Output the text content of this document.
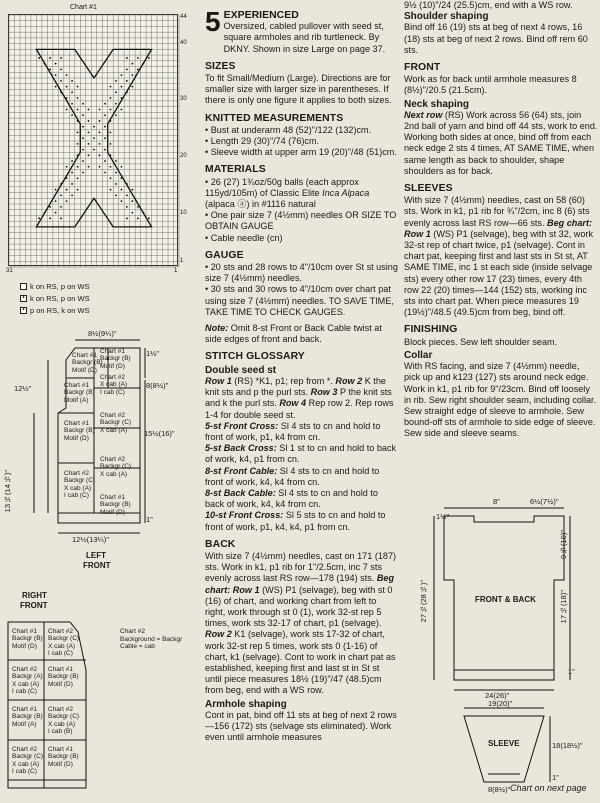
Chart #1
44
40
30
20
10
1
31	1
k on RS, p on WS
• k on RS, p on WS
• p on RS, k on WS
8½(9¼)"
1½"
8(8½)"
12½"
13½(14½)"
15½(16)"
1"
12½(13¼)"
LEFT
FRONT
Chart #1
Backgr (B)
Motif (D)
Chart #1
Backgr (B)
Motif (D)
Chart #2
X cab (A)
I cab (C)
Chart #1
Backgr (B)
Motif (A)
Chart #2
Backgr (C)
X cab (A)
Chart #1
Backgr (B)
Motif (D)
Chart #2
Backgr (C)
X cab (A)
I cab (C)
Chart #2
Backgr (C)
X cab (A)
Chart #1
Backgr (B)
Motif (D)
RIGHT
FRONT
Chart #1
Backgr (B)
Motif (D)
Chart #2
Backgr (C)
X cab (A)
I cab (C)
Chart #2
Backgr (A)
X cab (A)
I cab (C)
Chart #1
Backgr (B)
Motif (D)
Chart #1
Backgr (B)
Motif (A)
Chart #2
Backgr (C)
X cab (A)
I cab (B)
Chart #2
Backgr (C)
X cab (A)
I cab (C)
Chart #1
Backgr (B)
Motif (D)
Chart #2
Background = Backgr
Cable = cab
5 EXPERIENCED

Oversized, cabled pullover with seed st, square armholes and rib turtleneck. By DKNY. Shown in size Large on page 37.

SIZES

To fit Small/Medium (Large). Directions are for smaller size with larger size in parentheses. If there is only one figure it applies to both sizes.

KNITTED MEASUREMENTS

• Bust at underarm 48 (52)"/122 (132)cm.

• Length 29 (30)"/74 (76)cm.

• Sleeve width at upper arm 19 (20)"/48 (51)cm.

MATERIALS

• 26 (27) 1¾oz/50g balls (each approx 115yd/105m) of Classic Elite Inca Alpaca (alpaca ⓐ) in #1116 natural

• One pair size 7 (4½mm) needles OR SIZE TO OBTAIN GAUGE

• Cable needle (cn)

GAUGE

• 20 sts and 28 rows to 4"/10cm over St st using size 7 (4½mm) needles.

• 30 sts and 30 rows to 4"/10cm over chart pat using size 7 (4½mm) needles. TO SAVE TIME, TAKE TIME TO CHECK GAUGES.

Note: Omit 8-st Front or Back Cable twist at side edges of front and back.

STITCH GLOSSARY
Double seed st

Row 1 (RS) *K1, p1; rep from *. Row 2 K the knit sts and p the purl sts. Row 3 P the knit sts and k the purl sts. Row 4 Rep row 2. Rep rows 1-4 for double seed st.

5-st Front Cross: Sl 4 sts to cn and hold to front of work, p1, k4 from cn.

5-st Back Cross: Sl 1 st to cn and hold to back of work, k4, p1 from cn.

8-st Front Cable: Sl 4 sts to cn and hold to front of work, k4, k4 from cn.

8-st Back Cable: Sl 4 sts to cn and hold to back of work, k4, k4 from cn.

10-st Front Cross: Sl 5 sts to cn and hold to front of work, p1, k4, k4, p1 from cn.

BACK

With size 7 (4½mm) needles, cast on 171 (187) sts. Work in k1, p1 rib for 1"/2.5cm, inc 7 sts evenly across last RS row—178 (194) sts. Beg chart: Row 1 (WS) P1 (selvage), beg with st 0 (16) of chart, and working chart from left to right, work through st 0 (1), work 32-st rep 5 times, work sts 32-17 of chart, p1 (selvage). Row 2 K1 (selvage), work sts 17-32 of chart, work 32-st rep 5 times, work sts 0 (1-16) of chart, k1 (selvage). Cont to work in chart pat as established, keeping first and last st in St st until piece measures 18½ (19)"/47 (48.5)cm from beg, end with a WS row.

Armhole shaping

Cont in pat, bind off 11 sts at beg of next 2 rows—156 (172) sts (selvage sts eliminated). Work even until armhole measures

9½ (10)"/24 (25.5)cm, end with a WS row.

Shoulder shaping

Bind off 16 (19) sts at beg of next 4 rows, 16 (18) sts at beg of next 2 rows. Bind off rem 60 sts.

FRONT

Work as for back until armhole measures 8 (8½)"/20.5 (21.5cm).

Neck shaping

Next row (RS) Work across 56 (64) sts, join 2nd ball of yarn and bind off 44 sts, work to end. Working both sides at once, bind off from each neck edge 2 sts 4 times, AT SAME TIME, when same length as back to shoulder, shape shoulders as for back.

SLEEVES

With size 7 (4½mm) needles, cast on 58 (60) sts. Work in k1, p1 rib for ¾"/2cm, inc 8 (6) sts evenly across last RS row—66 sts. Beg chart: Row 1 (WS) P1 (selvage), beg with st 32, work 32-st rep of chart twice, p1 (selvage). Cont in chart pat, keeping first and last sts in St st, AT SAME TIME, inc 1 st each side (inside selvage sts) every other row 17 (23) times, every 4th row 22 (20) times—144 (152) sts, working inc sts into chart pat. When piece measures 19 (19½)"/48.5 (49.5)cm from beg, bind off.

FINISHING

Block pieces. Sew left shoulder seam.

Collar

With RS facing, and size 7 (4½mm) needle, pick up and k123 (127) sts around neck edge. Work in k1, p1 rib for 9"/23cm. Bind off loosely in rib. Sew right shoulder seam, including collar. Sew straight edge of sleeve to armhole. Sew bound-off sts of armhole to side edge of sleeve. Sew side and sleeve seams.

1½"
8"	6½(7½)"
9½(10)"
17½(18)"
1"
27½(28½)"	FRONT & BACK
24(26)"
19(20)"
SLEEVE	18(18½)"
1"
8(8½)" Chart on next page
